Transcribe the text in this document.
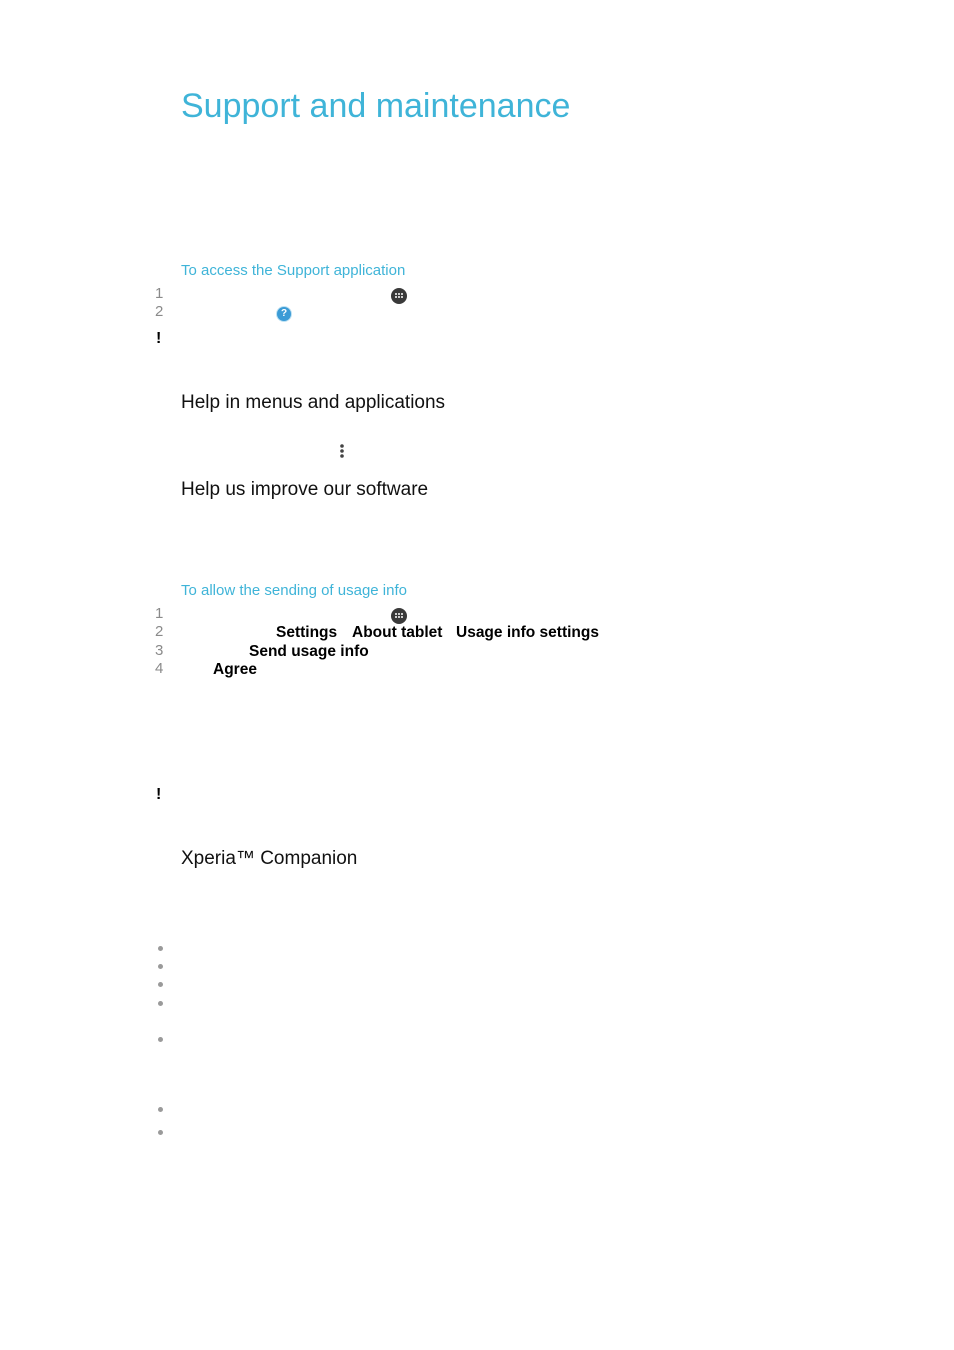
Support and maintenance
To access the Support application
1
2	?
!
Help in menus and applications
Help us improve our software
To allow the sending of usage info
1
2	Settings About tablet Usage info settings
3	Send usage info
4	Agree
!
Xperia™ Companion
